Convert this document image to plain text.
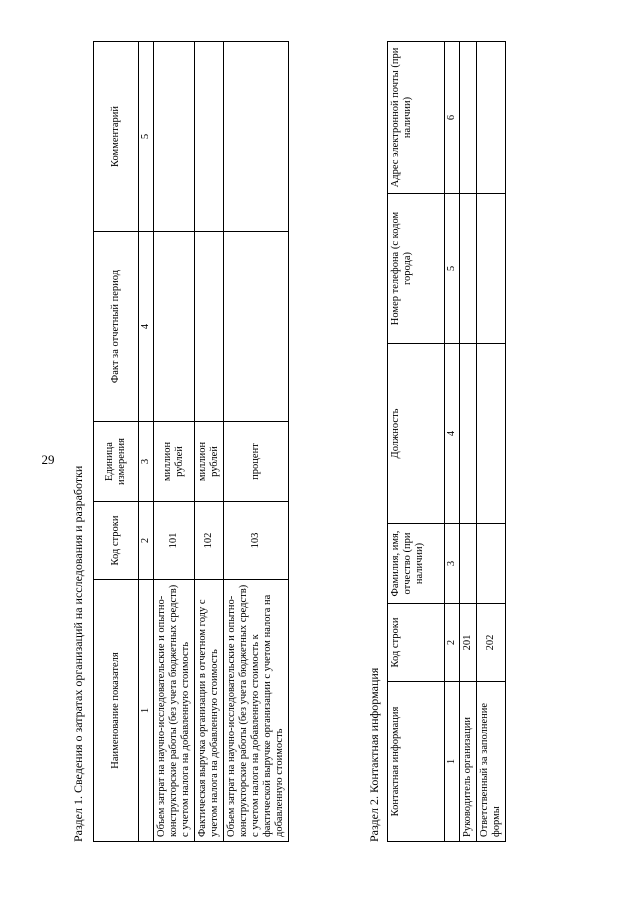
29
Раздел 1. Сведения о затратах организаций на исследования и разработки Наименование показателя	Код строки	Единица измерения	Факт за отчетный период	Комментарий
1	2	3	4	5
Объем затрат на научно-исследовательские и опытно-конструкторские работы (без учета бюджетных средств) с учетом налога на добавленную стоимость	101	миллион рублей		
Фактическая выручка организации в отчетном году с учетом налога на добавленную стоимость	102	миллион рублей		
Объем затрат на научно-исследовательские и опытно-конструкторские работы (без учета бюджетных средств) с учетом налога на добавленную стоимость к фактической выручке организации с учетом налога на добавленную стоимость	103	процент		
Раздел 2. Контактная информация Контактная информация	Код строки	Фамилия, имя, отчество (при наличии)	Должность	Номер телефона (с кодом города)	Адрес электронной почты (при наличии)
1	2	3	4	5	6
Руководитель организации	201				
Ответственный за заполнение формы	202				
